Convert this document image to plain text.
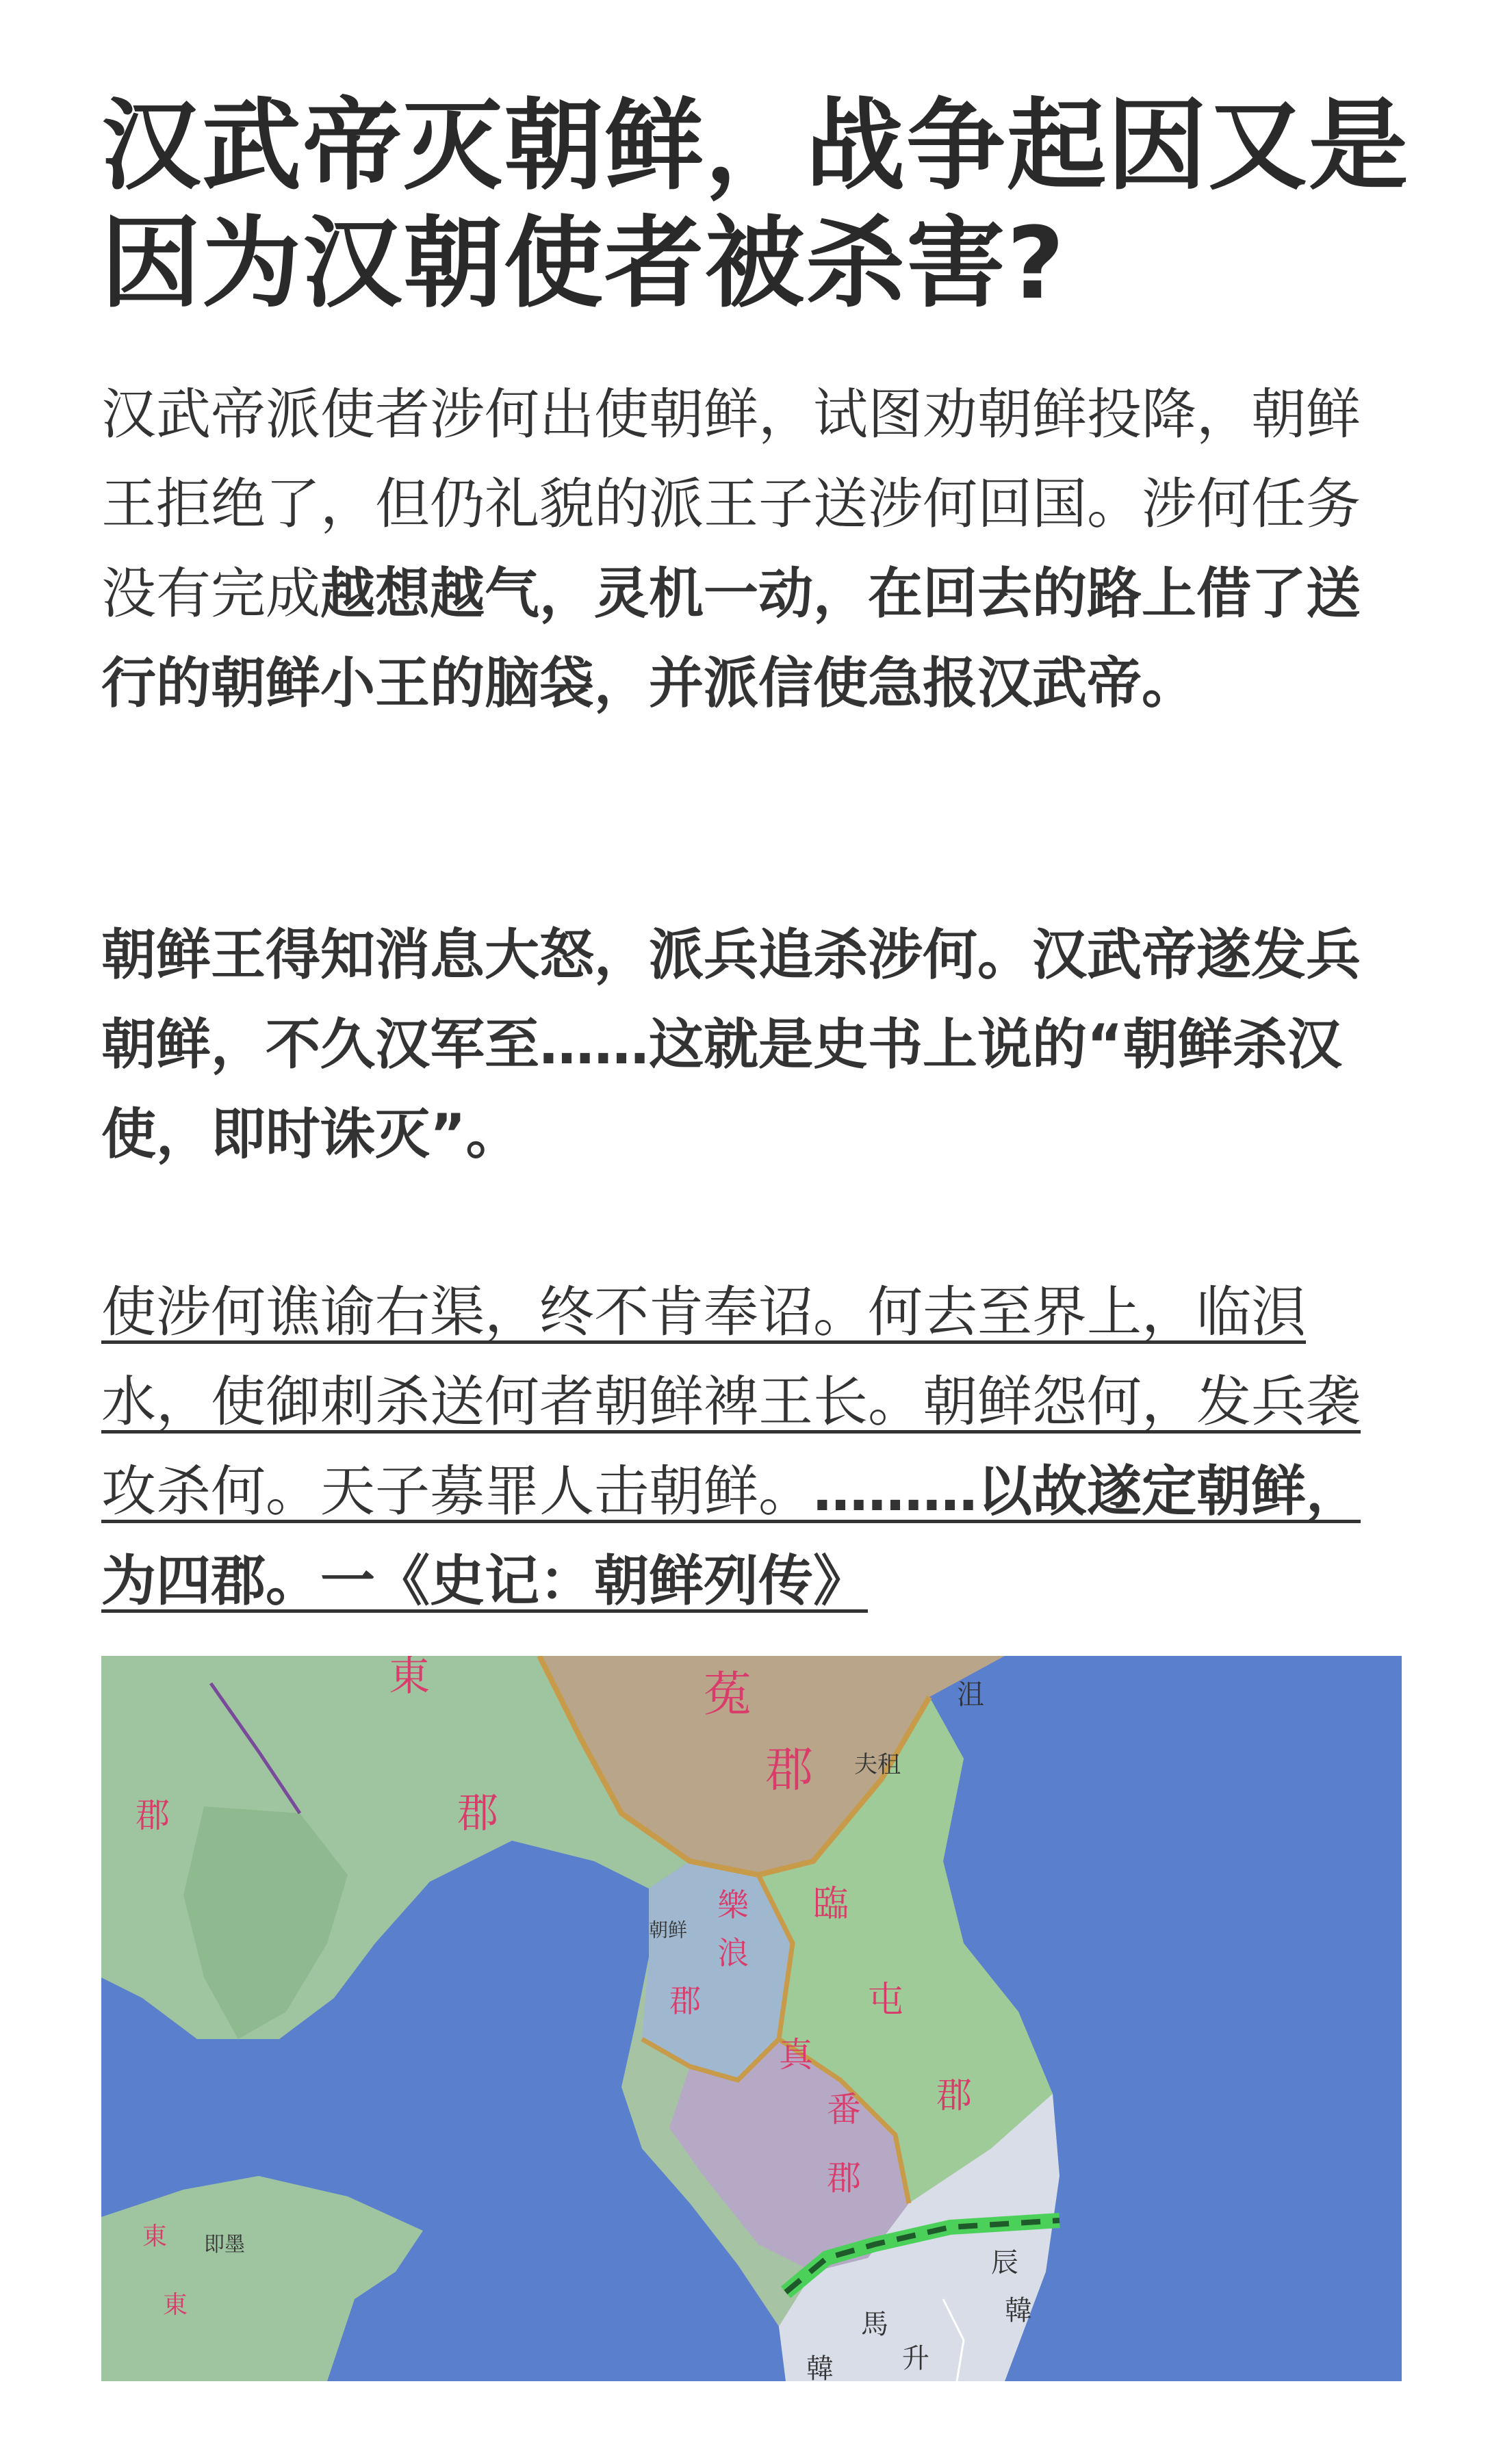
汉武帝灭朝鲜，战争起因又是因为汉朝使者被杀害?

汉武帝派使者涉何出使朝鲜，试图劝朝鲜投降，朝鲜王拒绝了，但仍礼貌的派王子送涉何回国。涉何任务没有完成越想越气，灵机一动，在回去的路上借了送行的朝鲜小王的脑袋，并派信使急报汉武帝。

朝鲜王得知消息大怒，派兵追杀涉何。汉武帝遂发兵朝鲜，不久汉军至……这就是史书上说的“朝鲜杀汉使，即时诛灭”。

使涉何谯谕右渠，终不肯奉诏。何去至界上，临浿水，使御刺杀送何者朝鲜裨王长。朝鲜怨何，发兵袭攻杀何。天子募罪人击朝鲜。………以故遂定朝鲜，为四郡。一《史记：朝鲜列传》

菟
郡
沮
夫租
東
郡
郡
樂
浪
郡
朝鲜
臨
屯
真
番 郡
郡
辰
韓
馬
升
韓
東 即墨
東
